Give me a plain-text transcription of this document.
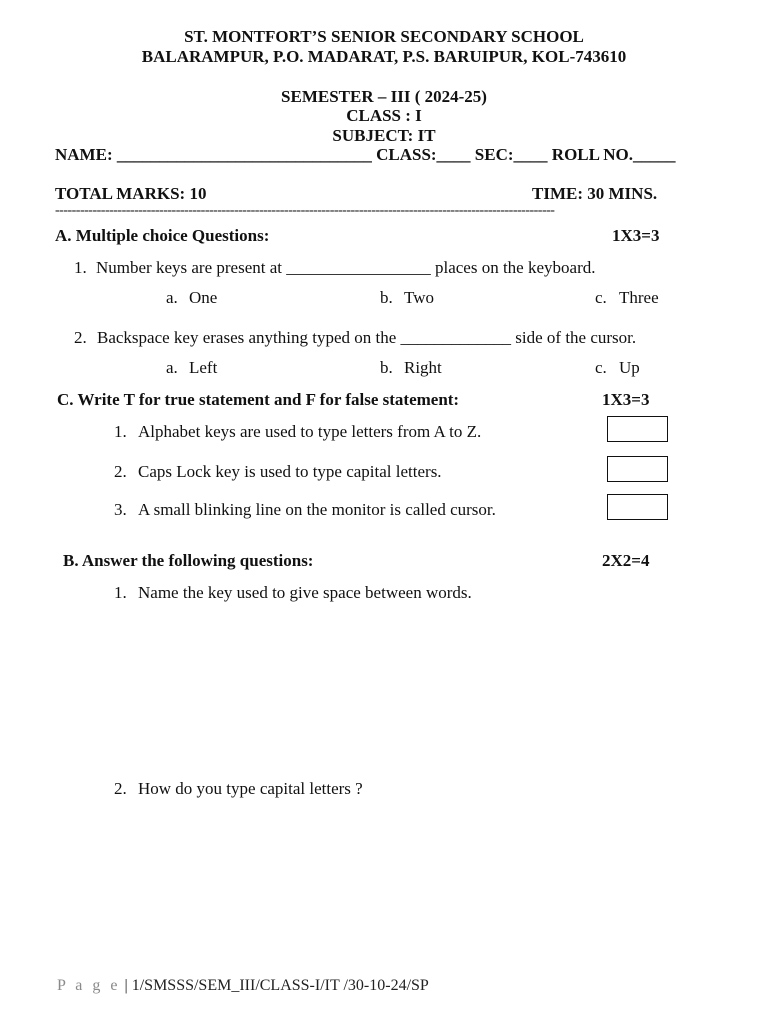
ST. MONTFORT’S SENIOR SECONDARY SCHOOL
BALARAMPUR, P.O. MADARAT, P.S. BARUIPUR, KOL-743610
SEMESTER – III ( 2024-25)
CLASS : I
SUBJECT: IT
NAME: ______________________________ CLASS:____ SEC:____ ROLL NO._____
TOTAL MARKS: 10	TIME: 30 MINS.
------------------------------------------------------------------------------------------------------------------------
A. Multiple choice Questions:	1X3=3
1. Number keys are present at _________________ places on the keyboard.
a. One	b. Two	c. Three
2. Backspace key erases anything typed on the _____________ side of the cursor.
a. Left	b. Right	c. Up
C. Write T for true statement and F for false statement:	1X3=3
1. Alphabet keys are used to type letters from A to Z.
2. Caps Lock key is used to type capital letters.
3. A small blinking line on the monitor is called cursor.
B. Answer the following questions:	2X2=4
1. Name the key used to give space between words.
2. How do you type capital letters ?
P a g e | 1/SMSSS/SEM_III/CLASS-I/IT /30-10-24/SP
